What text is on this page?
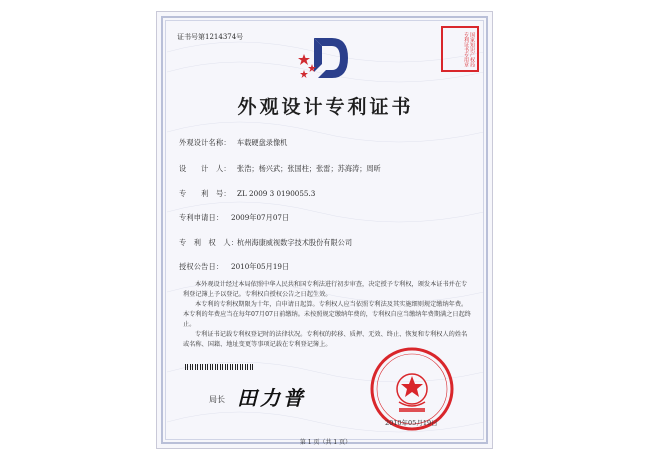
证书号第1214374号	国家知识产权局专利证书专用章
外观设计专利证书
外观设计名称： 车载硬盘录像机
设　　计　人： 张浩；杨兴武；张国柱；张雷；苏海涛；周昕
专　　利　号： ZL 2009 3 0190055.3
专利申请日： 2009年07月07日
专　利　权　人：
杭州海康威视数字技术股份有限公司
授权公告日： 2010年05月19日
本外观设计经过本局依照中华人民共和国专利法进行初步审查，决定授予专利权，颁发本证书并在专利登记簿上予以登记。专利权自授权公告之日起生效。
本专利的专利权期限为十年，自申请日起算。专利权人应当依照专利法及其实施细则规定缴纳年费。本专利的年费应当在每年07月07日前缴纳。未按照规定缴纳年费的，专利权自应当缴纳年费期满之日起终止。
专利证书记载专利权登记时的法律状况。专利权的转移、质押、无效、终止、恢复和专利权人的姓名或名称、国籍、地址变更等事项记载在专利登记簿上。
局长 田力普
2010年05月19日
第 1 页（共 1 页）
